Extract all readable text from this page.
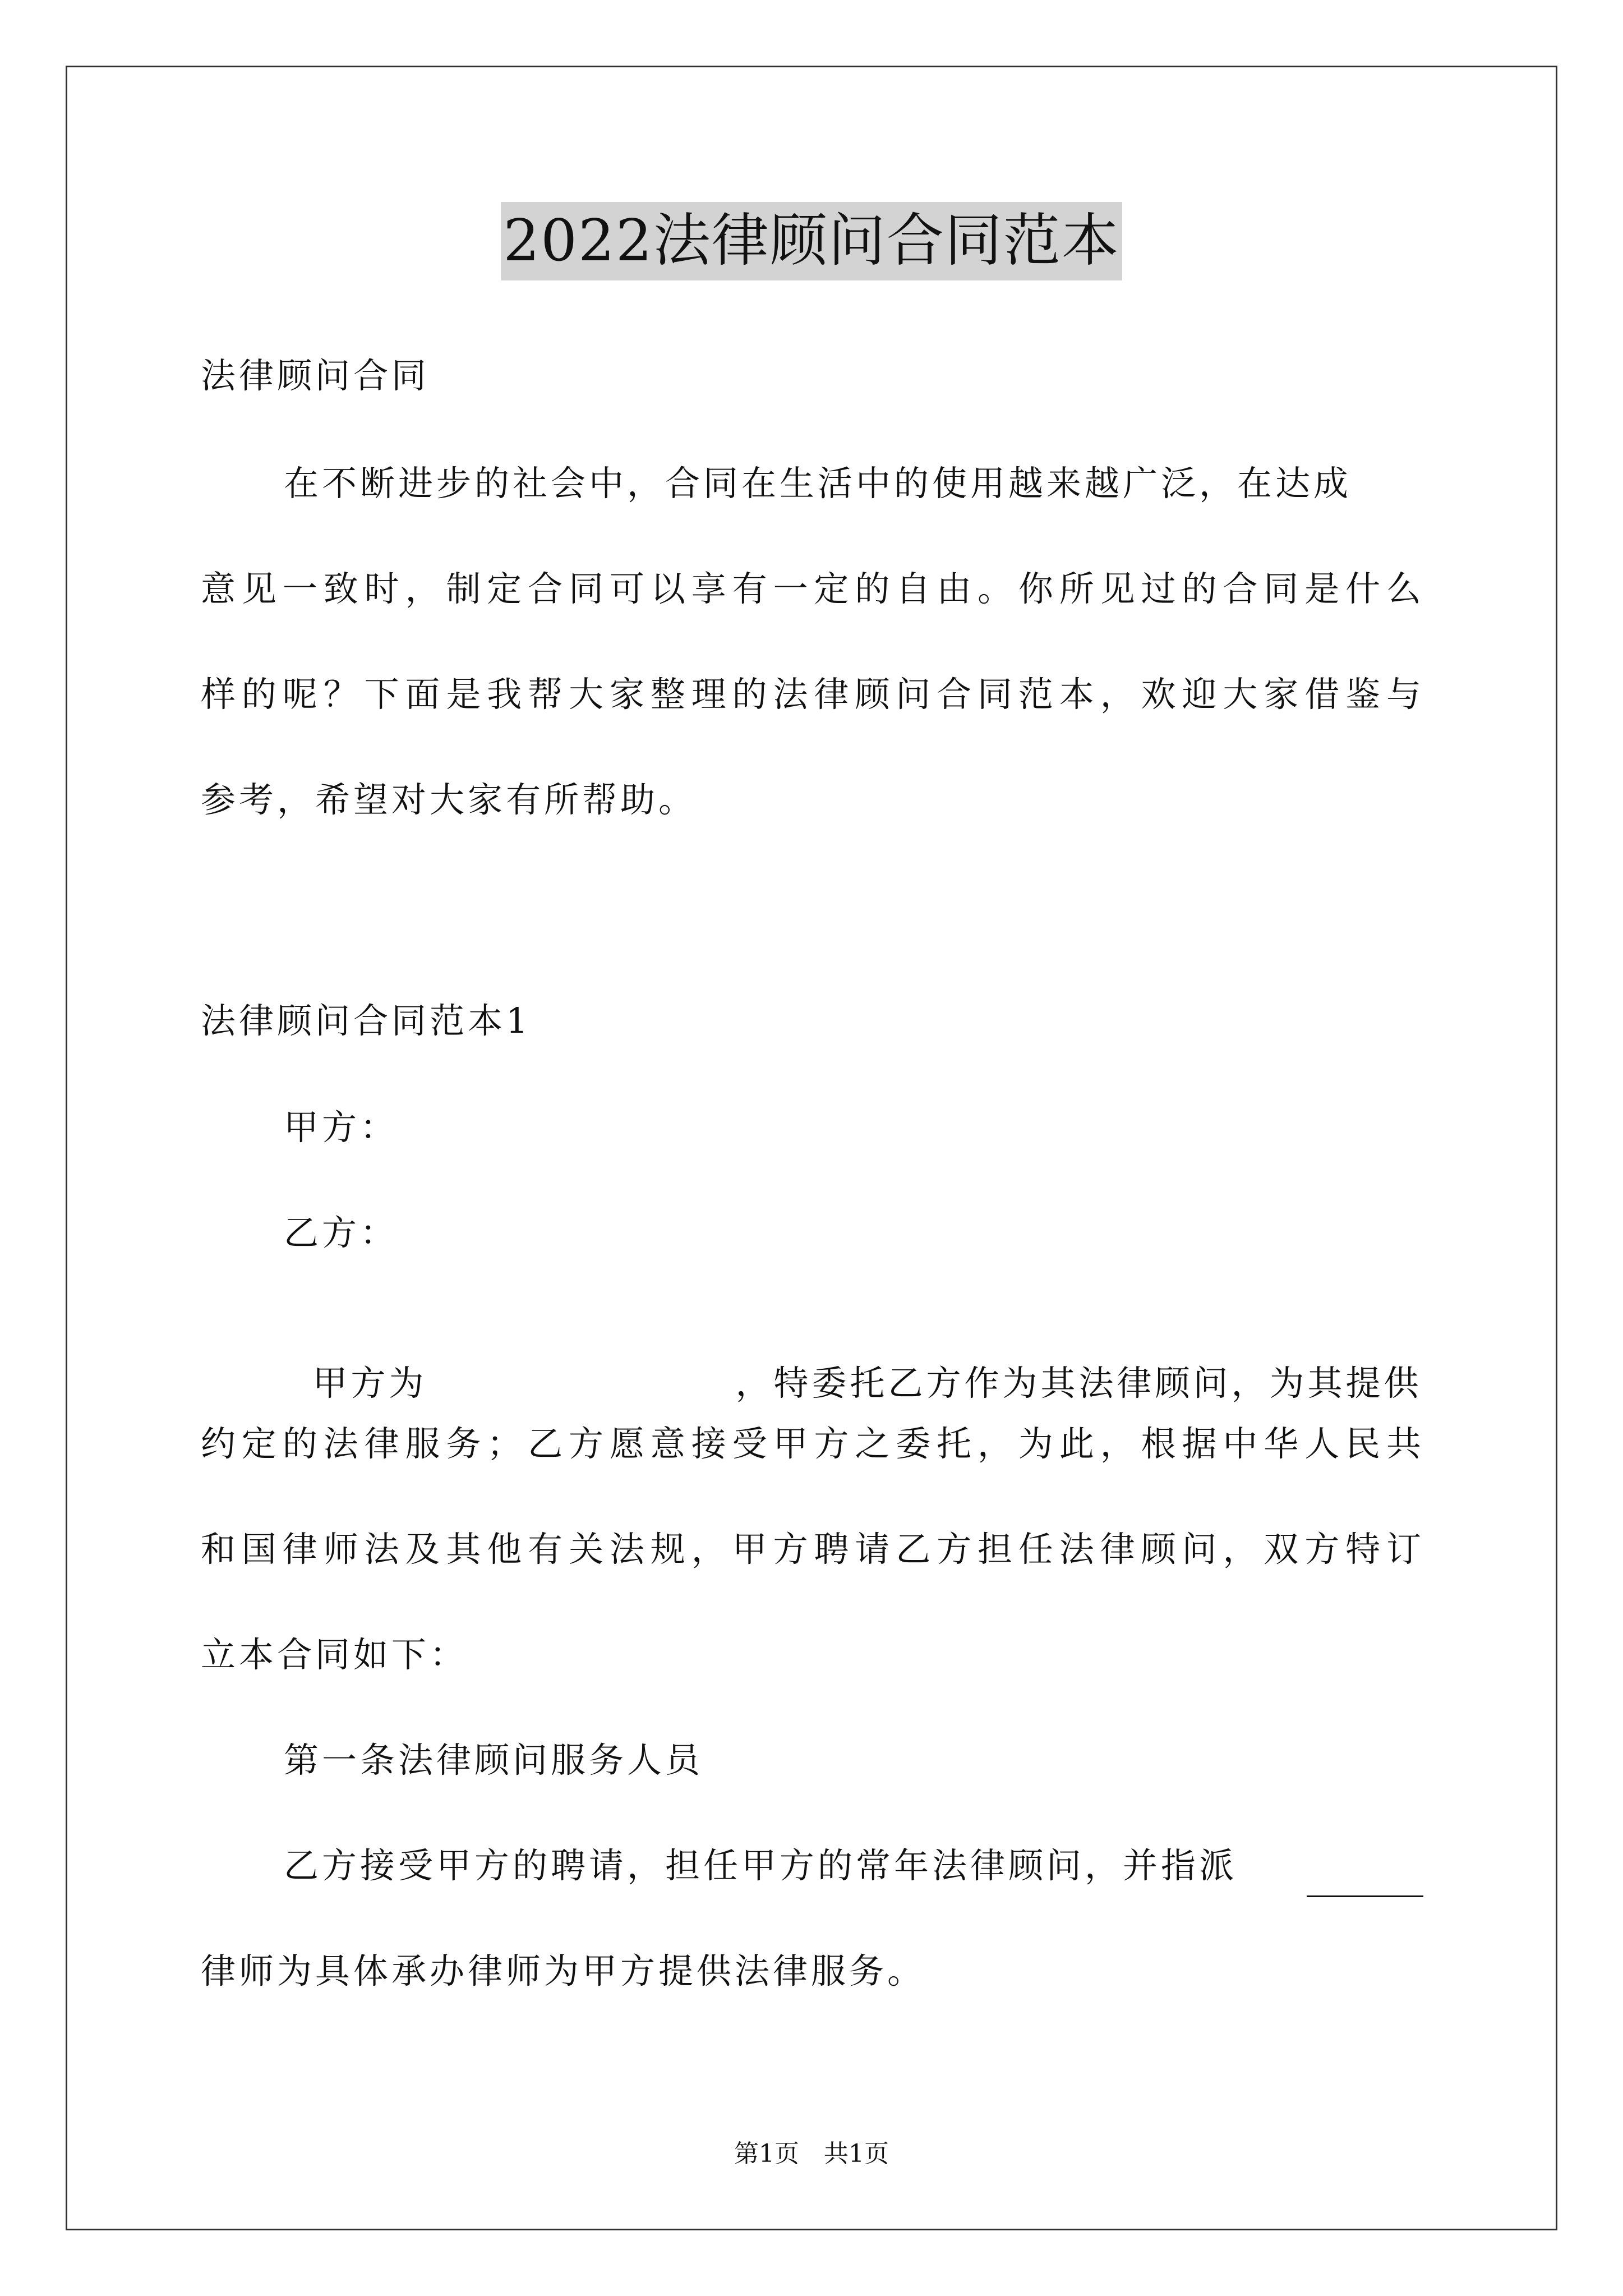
2022法律顾问合同范本
法律顾问合同
在不断进步的社会中，合同在生活中的使用越来越广泛，在达成
意见一致时，制定合同可以享有一定的自由。你所见过的合同是什么
样的呢？下面是我帮大家整理的法律顾问合同范本，欢迎大家借鉴与
参考，希望对大家有所帮助。
法律顾问合同范本1
甲方：
乙方：

甲方为	，特委托乙方作为其法律顾问，为其提供

约定的法律服务；乙方愿意接受甲方之委托，为此，根据中华人民共
和国律师法及其他有关法规，甲方聘请乙方担任法律顾问，双方特订
立本合同如下：
第一条法律顾问服务人员
乙方接受甲方的聘请，担任甲方的常年法律顾问，并指派
律师为具体承办律师为甲方提供法律服务。
第1页　共1页
